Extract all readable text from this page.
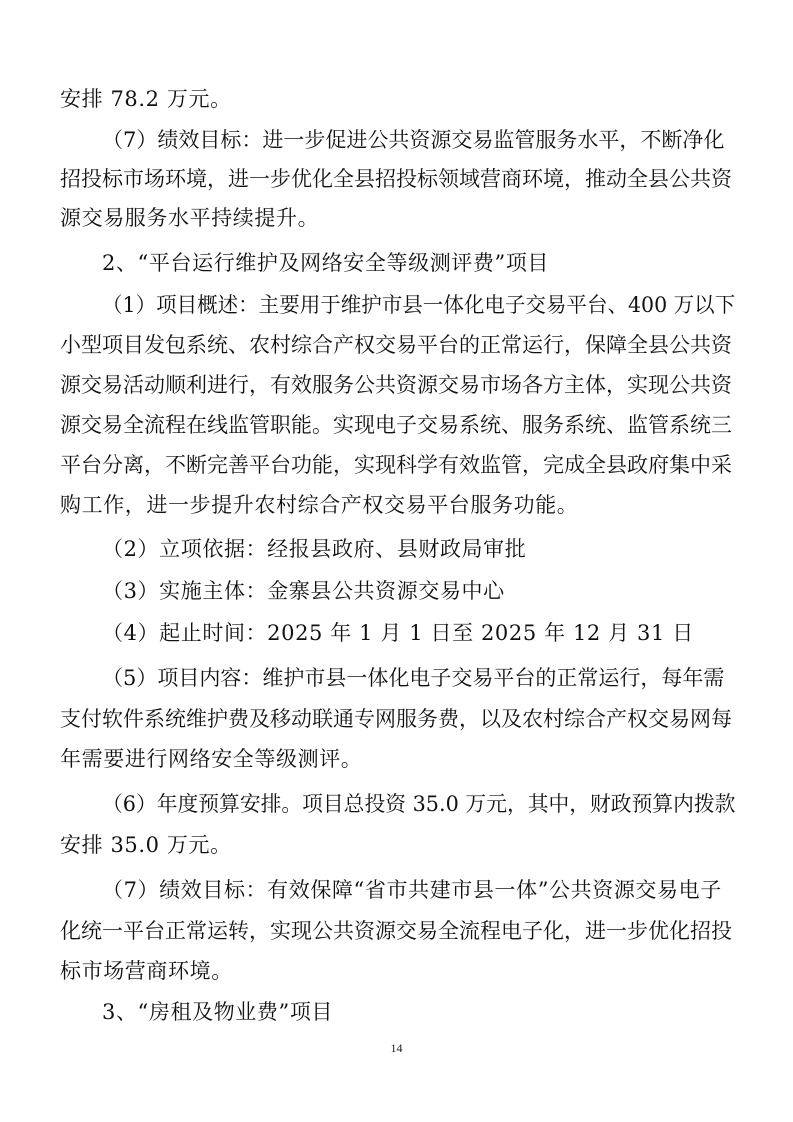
安排 78.2 万元。
（7）绩效目标：进一步促进公共资源交易监管服务水平，不断净化
招投标市场环境，进一步优化全县招投标领域营商环境，推动全县公共资
源交易服务水平持续提升。
2、“平台运行维护及网络安全等级测评费”项目
（1）项目概述：主要用于维护市县一体化电子交易平台、400 万以下
小型项目发包系统、农村综合产权交易平台的正常运行，保障全县公共资
源交易活动顺利进行，有效服务公共资源交易市场各方主体，实现公共资
源交易全流程在线监管职能。实现电子交易系统、服务系统、监管系统三
平台分离，不断完善平台功能，实现科学有效监管，完成全县政府集中采
购工作，进一步提升农村综合产权交易平台服务功能。
（2）立项依据：经报县政府、县财政局审批
（3）实施主体：金寨县公共资源交易中心
（4）起止时间：2025 年 1 月 1 日至 2025 年 12 月 31 日
（5）项目内容：维护市县一体化电子交易平台的正常运行，每年需
支付软件系统维护费及移动联通专网服务费，以及农村综合产权交易网每
年需要进行网络安全等级测评。
（6）年度预算安排。项目总投资 35.0 万元，其中，财政预算内拨款
安排 35.0 万元。
（7）绩效目标：有效保障“省市共建市县一体”公共资源交易电子
化统一平台正常运转，实现公共资源交易全流程电子化，进一步优化招投
标市场营商环境。
3、“房租及物业费”项目
14
